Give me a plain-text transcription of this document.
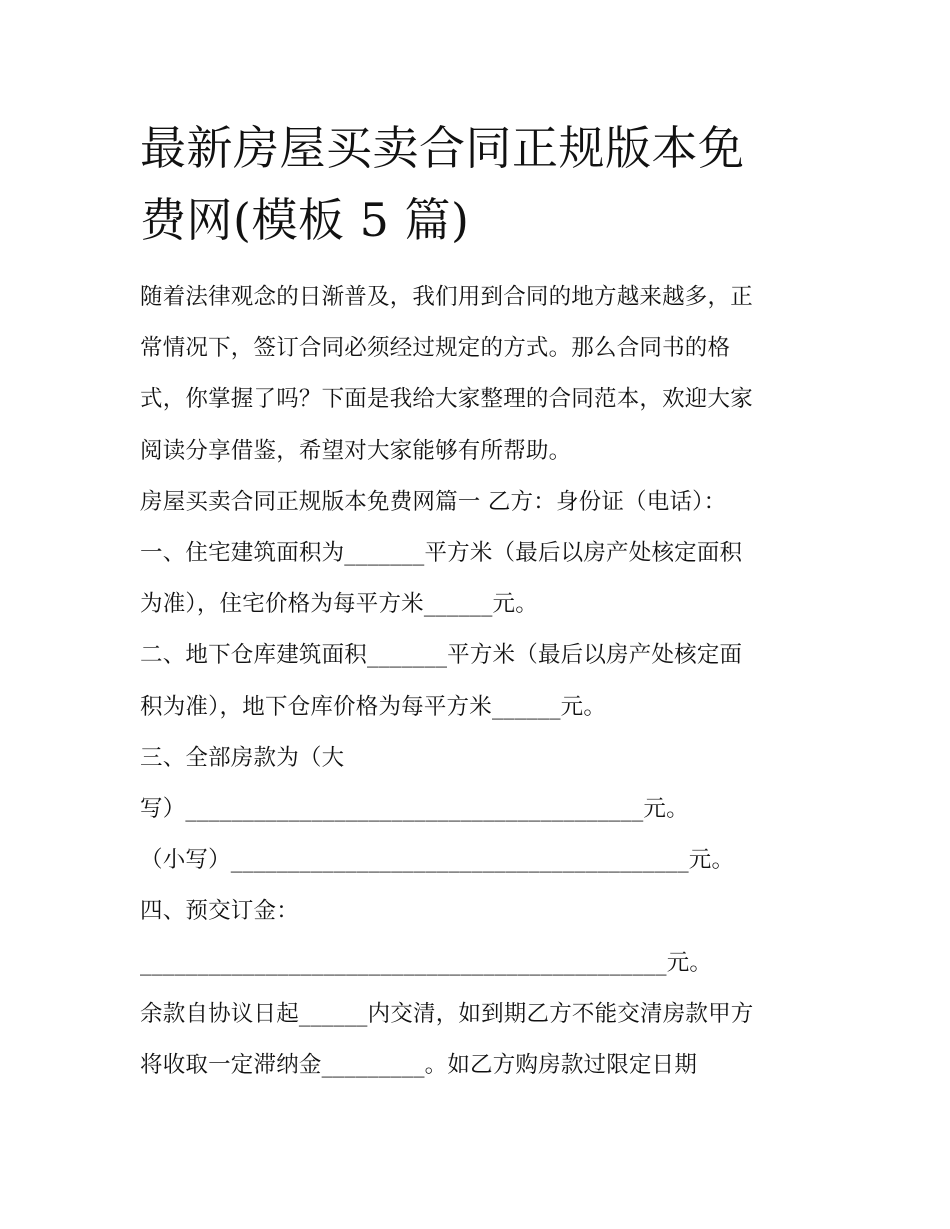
最新房屋买卖合同正规版本免
费网(模板 5 篇)
随着法律观念的日渐普及，我们用到合同的地方越来越多，正
常情况下，签订合同必须经过规定的方式。那么合同书的格
式，你掌握了吗？下面是我给大家整理的合同范本，欢迎大家
阅读分享借鉴，希望对大家能够有所帮助。
房屋买卖合同正规版本免费网篇一 乙方：身份证（电话）：
一、住宅建筑面积为_______平方米（最后以房产处核定面积
为准），住宅价格为每平方米______元。
二、地下仓库建筑面积_______平方米（最后以房产处核定面
积为准），地下仓库价格为每平方米______元。
三、全部房款为（大
写）________________________________________元。
（小写）________________________________________元。
四、预交订金：
______________________________________________元。
余款自协议日起______内交清，如到期乙方不能交清房款甲方
将收取一定滞纳金_________。如乙方购房款过限定日期
